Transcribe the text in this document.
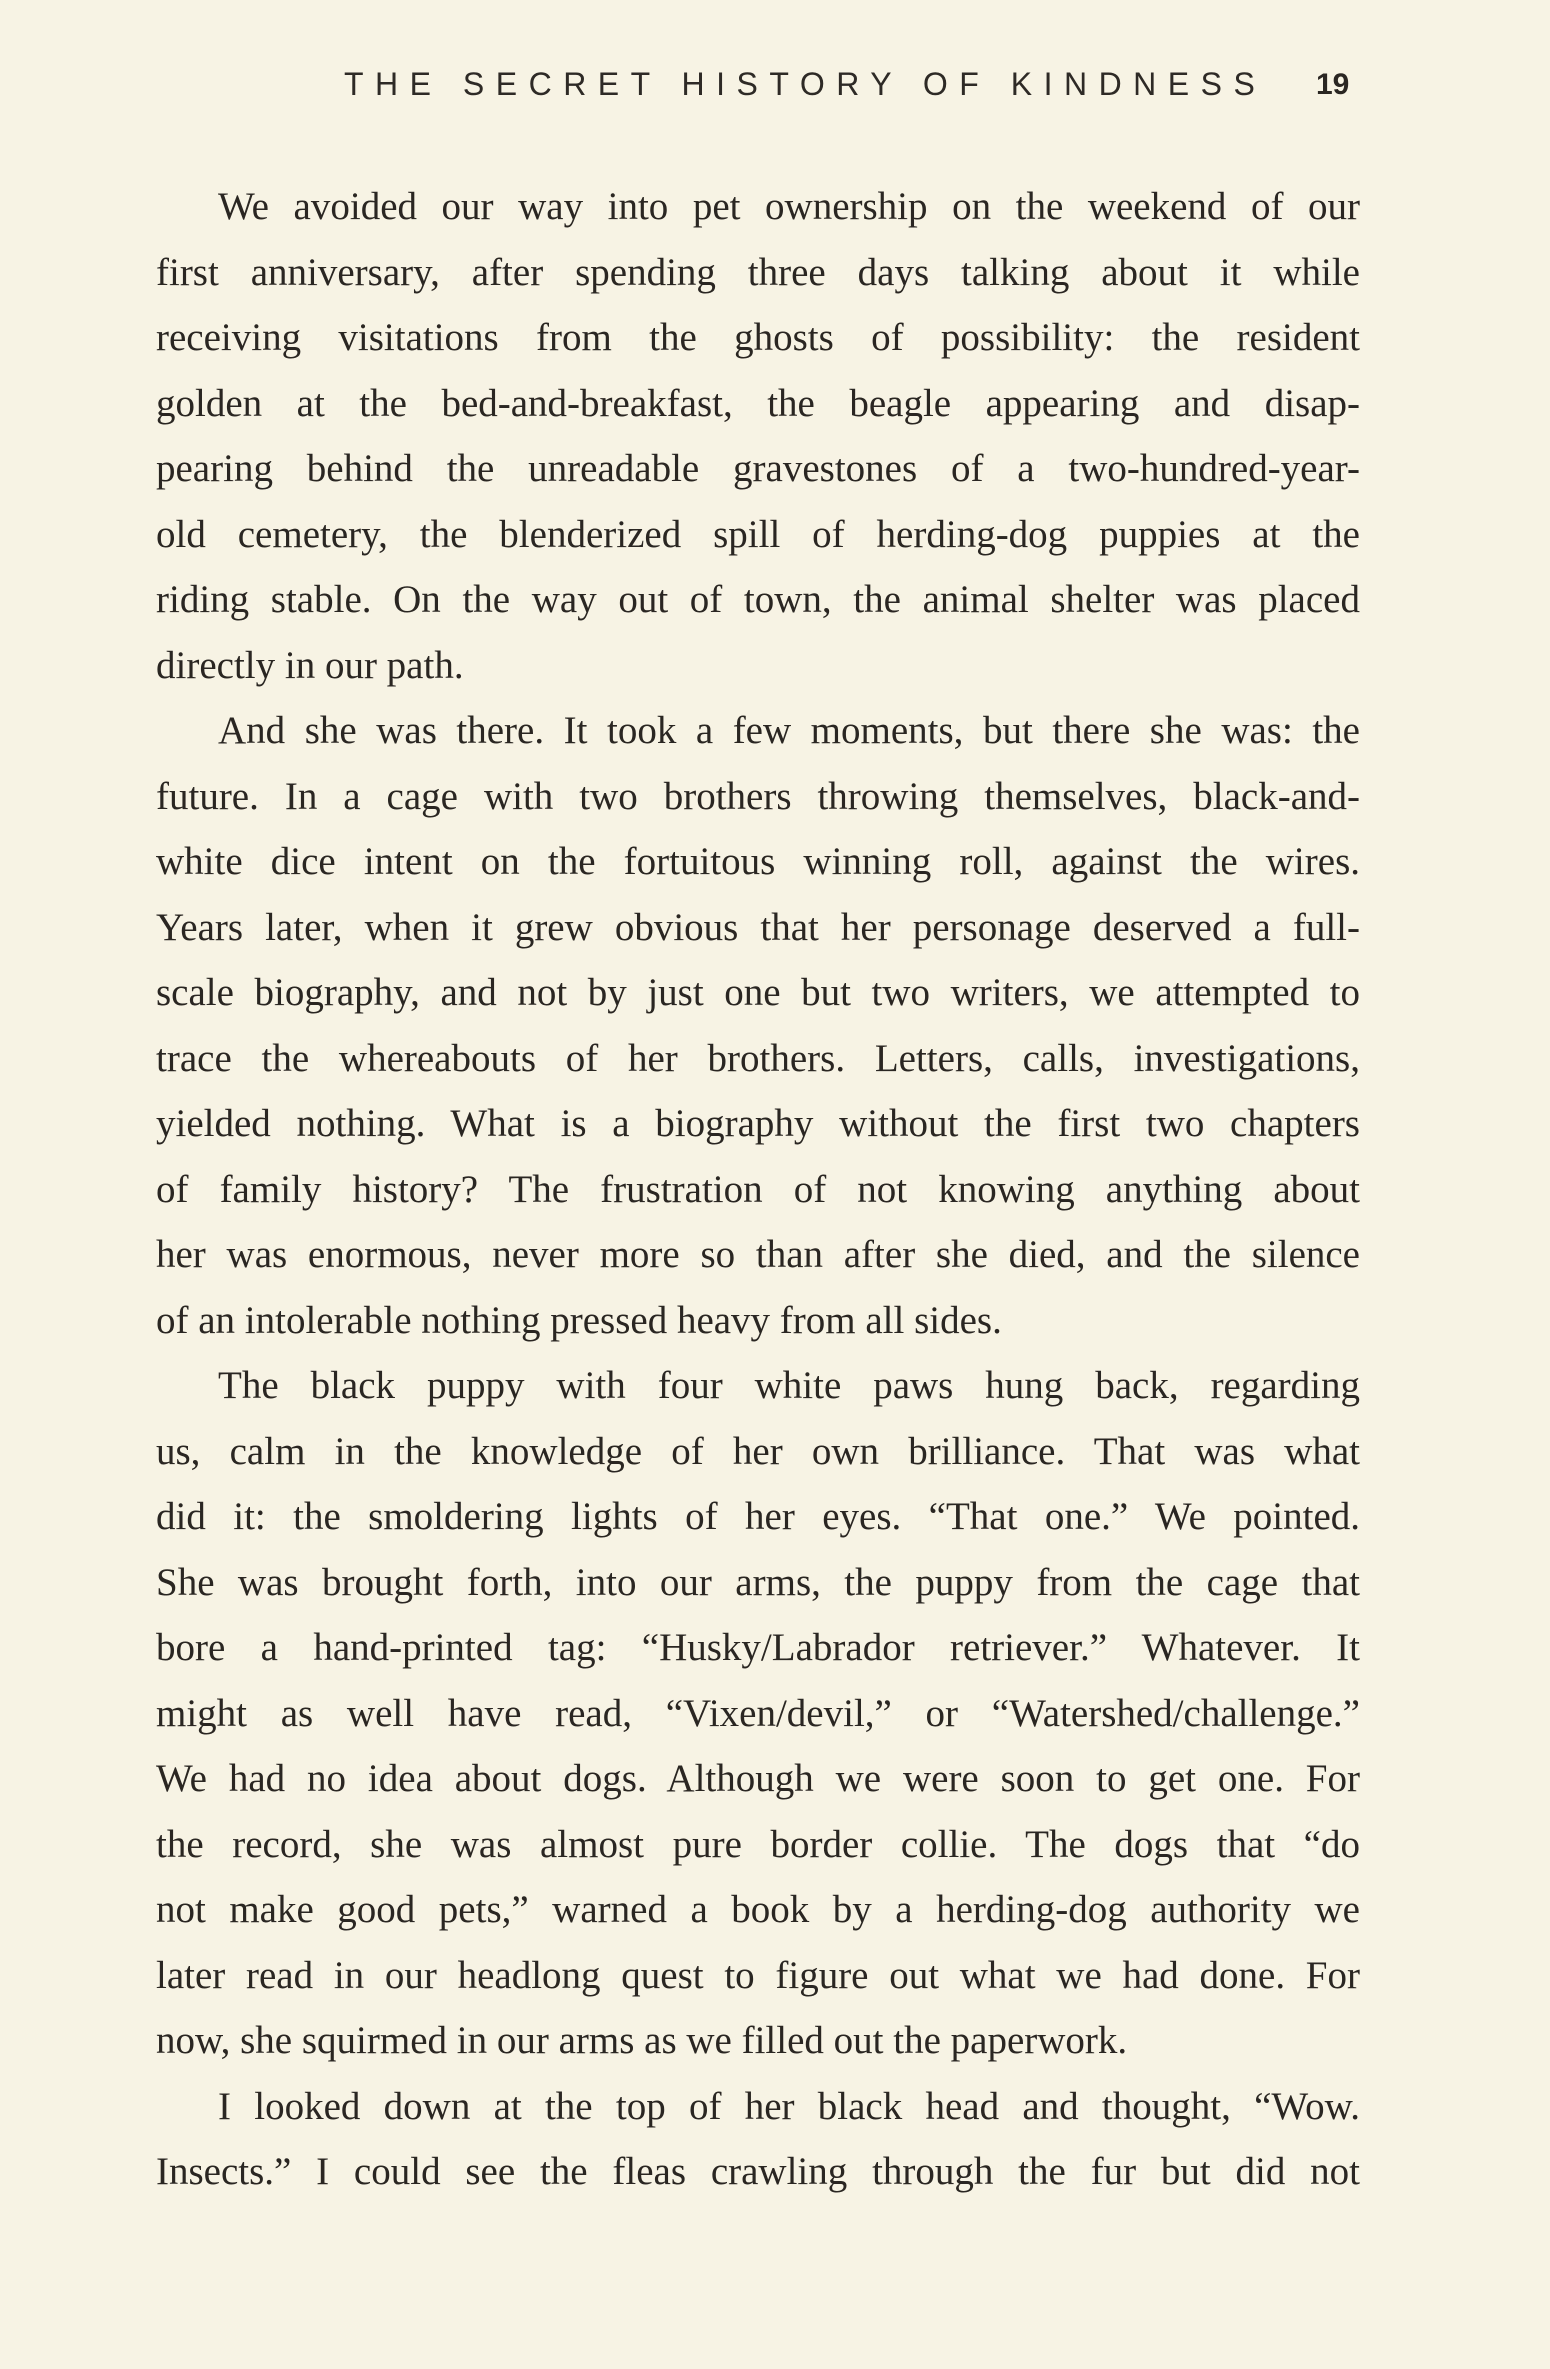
THE SECRET HISTORY OF KINDNESS 19
We avoided our way into pet ownership on the weekend of our
first anniversary, after spending three days talking about it while
receiving visitations from the ghosts of possibility: the resident
golden at the bed-and-breakfast, the beagle appearing and disap-
pearing behind the unreadable gravestones of a two-hundred-year-
old cemetery, the blenderized spill of herding-dog puppies at the
riding stable. On the way out of town, the animal shelter was placed
directly in our path.
And she was there. It took a few moments, but there she was: the
future. In a cage with two brothers throwing themselves, black-and-
white dice intent on the fortuitous winning roll, against the wires.
Years later, when it grew obvious that her personage deserved a full-
scale biography, and not by just one but two writers, we attempted to
trace the whereabouts of her brothers. Letters, calls, investigations,
yielded nothing. What is a biography without the first two chapters
of family history? The frustration of not knowing anything about
her was enormous, never more so than after she died, and the silence
of an intolerable nothing pressed heavy from all sides.
The black puppy with four white paws hung back, regarding
us, calm in the knowledge of her own brilliance. That was what
did it: the smoldering lights of her eyes. “That one.” We pointed.
She was brought forth, into our arms, the puppy from the cage that
bore a hand-printed tag: “Husky/Labrador retriever.” Whatever. It
might as well have read, “Vixen/devil,” or “Watershed/challenge.”
We had no idea about dogs. Although we were soon to get one. For
the record, she was almost pure border collie. The dogs that “do
not make good pets,” warned a book by a herding-dog authority we
later read in our headlong quest to figure out what we had done. For
now, she squirmed in our arms as we filled out the paperwork.
I looked down at the top of her black head and thought, “Wow.
Insects.” I could see the fleas crawling through the fur but did not
